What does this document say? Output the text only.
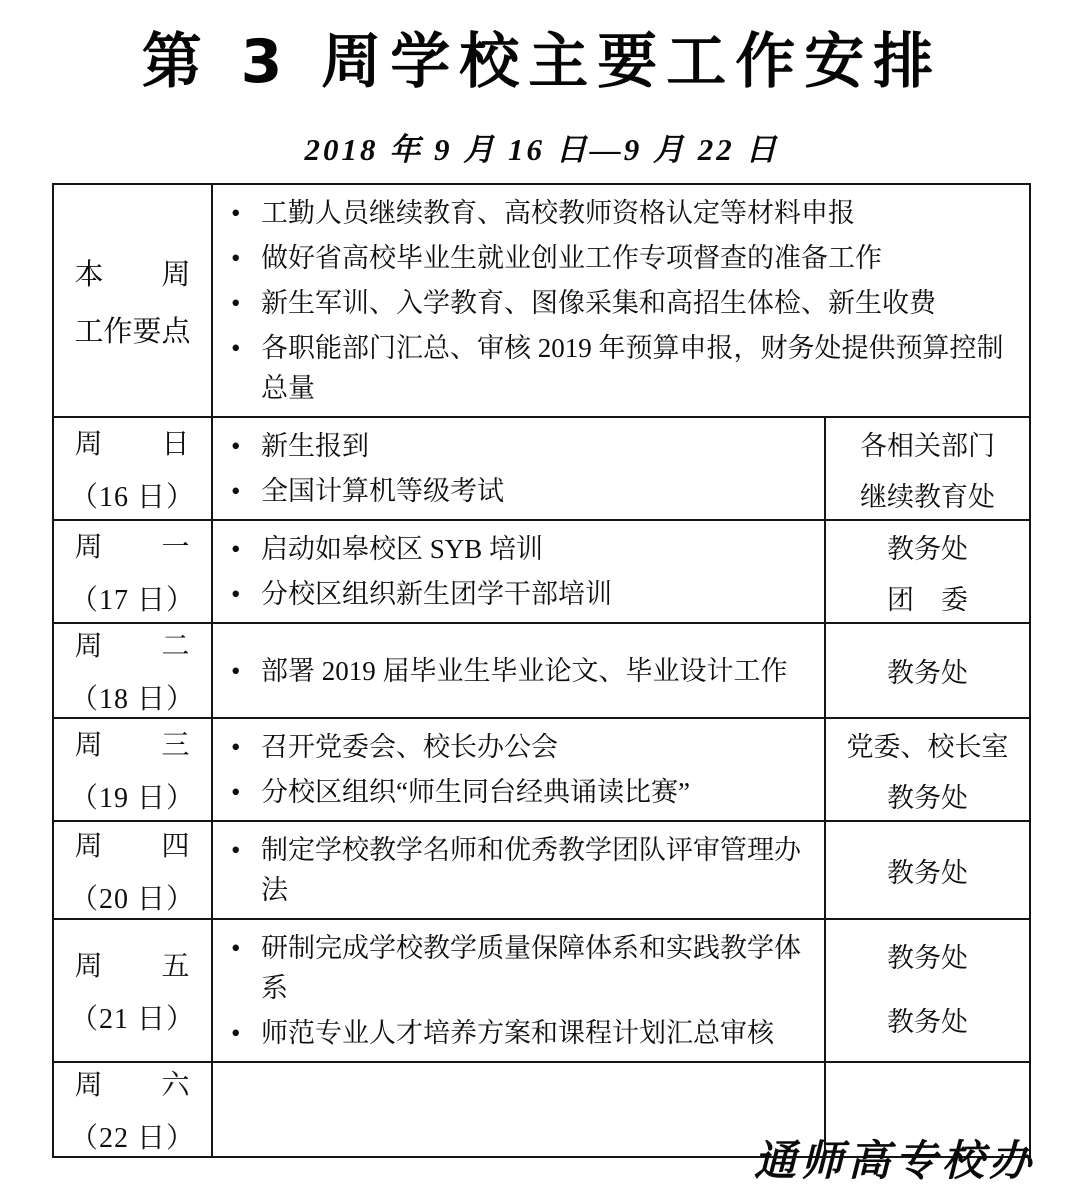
第 3 周学校主要工作安排
2018 年 9 月 16 日—9 月 22 日
本　　周
工作要点
• 工勤人员继续教育、高校教师资格认定等材料申报
• 做好省高校毕业生就业创业工作专项督查的准备工作
• 新生军训、入学教育、图像采集和高招生体检、新生收费
• 各职能部门汇总、审核 2019 年预算申报，财务处提供预算控制总量
周　　日
（16 日）
• 新生报到
• 全国计算机等级考试
各相关部门
继续教育处
周　　一
（17 日）
• 启动如皋校区 SYB 培训
• 分校区组织新生团学干部培训
教务处
团　委
周　　二
（18 日）
• 部署 2019 届毕业生毕业论文、毕业设计工作	教务处
周　　三
（19 日）
• 召开党委会、校长办公会
• 分校区组织“师生同台经典诵读比赛”
党委、校长室
教务处
周　　四
（20 日）
• 制定学校教学名师和优秀教学团队评审管理办法
教务处
周　　五
（21 日）
• 研制完成学校教学质量保障体系和实践教学体系
• 师范专业人才培养方案和课程计划汇总审核
教务处
教务处
周　　六
（22 日）
通师高专校办
